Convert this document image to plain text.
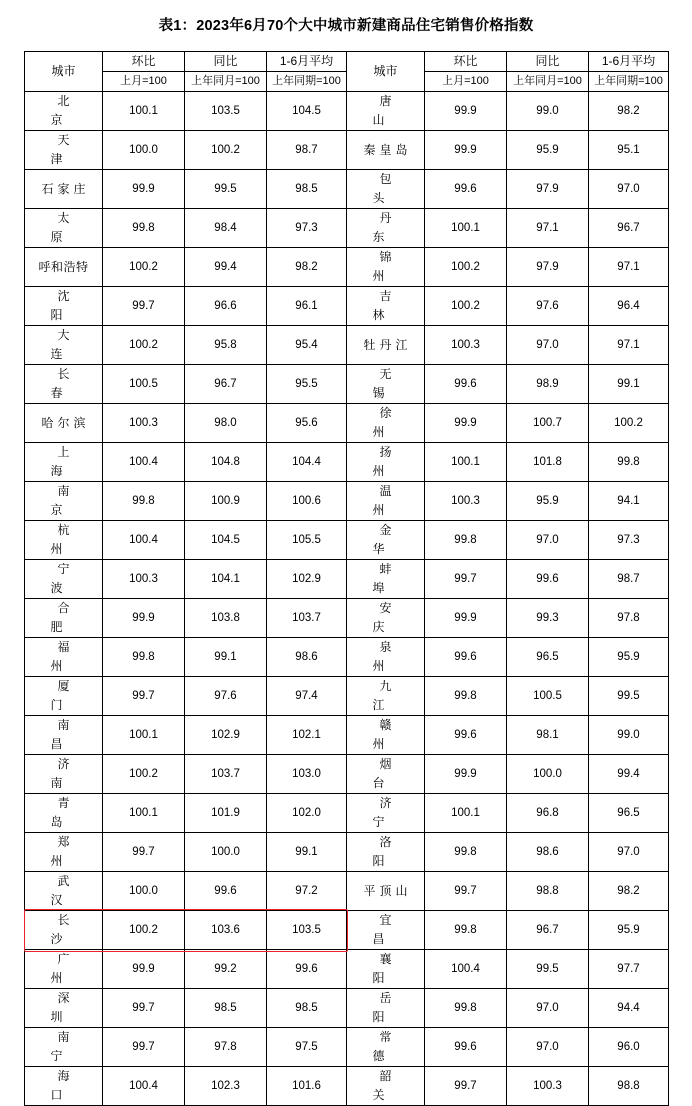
表1：2023年6月70个大中城市新建商品住宅销售价格指数
城市	环比	同比	1-6月平均	城市	环比	同比	1-6月平均
	上月=100	上年同月=100	上年同期=100		上月=100	上年同月=100	上年同期=100
北 京	100.1	103.5	104.5	唐 山	99.9	99.0	98.2
天 津	100.0	100.2	98.7	秦皇岛	99.9	95.9	95.1
石家庄	99.9	99.5	98.5	包 头	99.6	97.9	97.0
太 原	99.8	98.4	97.3	丹 东	100.1	97.1	96.7
呼和浩特	100.2	99.4	98.2	锦 州	100.2	97.9	97.1
沈 阳	99.7	96.6	96.1	吉 林	100.2	97.6	96.4
大 连	100.2	95.8	95.4	牡丹江	100.3	97.0	97.1
长 春	100.5	96.7	95.5	无 锡	99.6	98.9	99.1
哈尔滨	100.3	98.0	95.6	徐 州	99.9	100.7	100.2
上 海	100.4	104.8	104.4	扬 州	100.1	101.8	99.8
南 京	99.8	100.9	100.6	温 州	100.3	95.9	94.1
杭 州	100.4	104.5	105.5	金 华	99.8	97.0	97.3
宁 波	100.3	104.1	102.9	蚌 埠	99.7	99.6	98.7
合 肥	99.9	103.8	103.7	安 庆	99.9	99.3	97.8
福 州	99.8	99.1	98.6	泉 州	99.6	96.5	95.9
厦 门	99.7	97.6	97.4	九 江	99.8	100.5	99.5
南 昌	100.1	102.9	102.1	赣 州	99.6	98.1	99.0
济 南	100.2	103.7	103.0	烟 台	99.9	100.0	99.4
青 岛	100.1	101.9	102.0	济 宁	100.1	96.8	96.5
郑 州	99.7	100.0	99.1	洛 阳	99.8	98.6	97.0
武 汉	100.0	99.6	97.2	平顶山	99.7	98.8	98.2
长 沙	100.2	103.6	103.5	宜 昌	99.8	96.7	95.9
广 州	99.9	99.2	99.6	襄 阳	100.4	99.5	97.7
深 圳	99.7	98.5	98.5	岳 阳	99.8	97.0	94.4
南 宁	99.7	97.8	97.5	常 德	99.6	97.0	96.0
海 口	100.4	102.3	101.6	韶 关	99.7	100.3	98.8
